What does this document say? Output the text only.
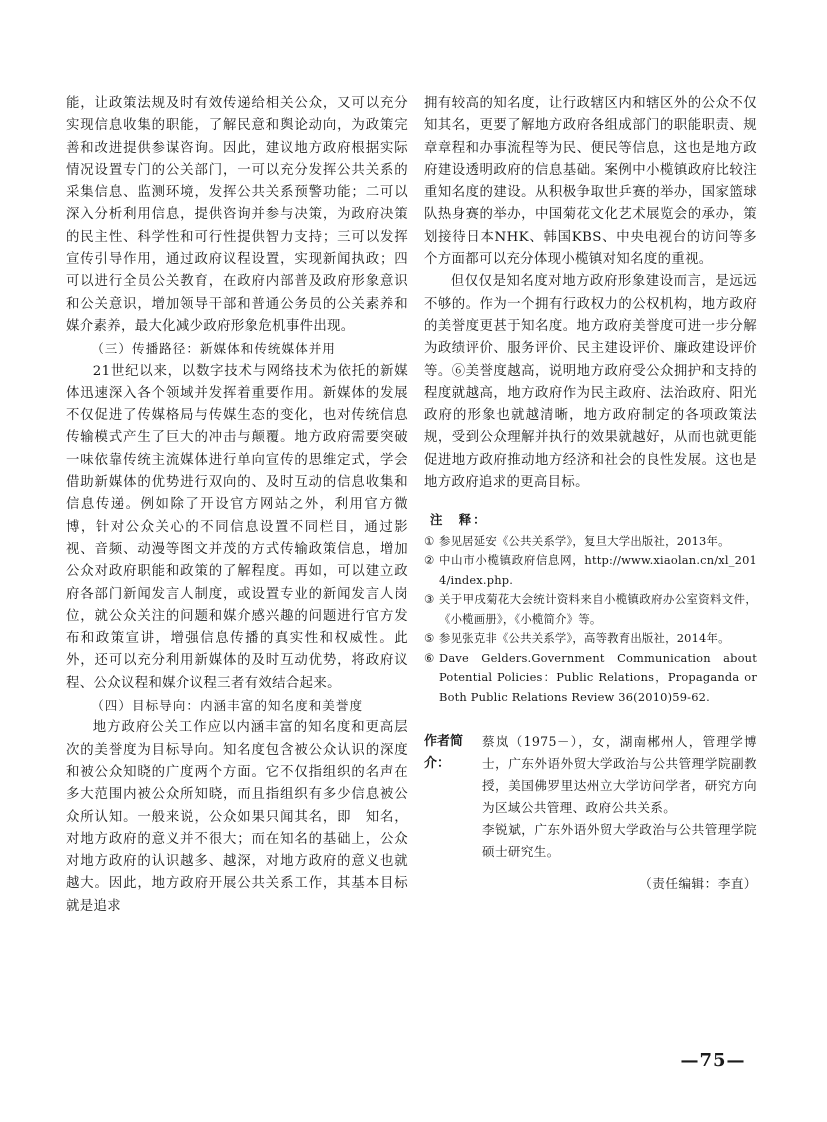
能，让政策法规及时有效传递给相关公众，又可以充分实现信息收集的职能，了解民意和舆论动向，为政策完善和改进提供参谋咨询。因此，建议地方政府根据实际情况设置专门的公关部门，一可以充分发挥公共关系的采集信息、监测环境，发挥公共关系预警功能；二可以深入分析利用信息，提供咨询并参与决策，为政府决策的民主性、科学性和可行性提供智力支持；三可以发挥宣传引导作用，通过政府议程设置，实现新闻执政；四可以进行全员公关教育，在政府内部普及政府形象意识和公关意识，增加领导干部和普通公务员的公关素养和媒介素养，最大化减少政府形象危机事件出现。

（三）传播路径：新媒体和传统媒体并用

21世纪以来，以数字技术与网络技术为依托的新媒体迅速深入各个领域并发挥着重要作用。新媒体的发展不仅促进了传媒格局与传媒生态的变化，也对传统信息传输模式产生了巨大的冲击与颠覆。地方政府需要突破一味依靠传统主流媒体进行单向宣传的思维定式，学会借助新媒体的优势进行双向的、及时互动的信息收集和信息传递。例如除了开设官方网站之外，利用官方微博，针对公众关心的不同信息设置不同栏目，通过影视、音频、动漫等图文并茂的方式传输政策信息，增加公众对政府职能和政策的了解程度。再如，可以建立政府各部门新闻发言人制度，或设置专业的新闻发言人岗位，就公众关注的问题和媒介感兴趣的问题进行官方发布和政策宣讲，增强信息传播的真实性和权威性。此外，还可以充分利用新媒体的及时互动优势，将政府议程、公众议程和媒介议程三者有效结合起来。

（四）目标导向：内涵丰富的知名度和美誉度

地方政府公关工作应以内涵丰富的知名度和更高层次的美誉度为目标导向。知名度包含被公众认识的深度和被公众知晓的广度两个方面。它不仅指组织的名声在多大范围内被公众所知晓，而且指组织有多少信息被公众所认知。一般来说，公众如果只闻其名，即　知名，对地方政府的意义并不很大；而在知名的基础上，公众对地方政府的认识越多、越深，对地方政府的意义也就越大。因此，地方政府开展公共关系工作，其基本目标就是追求

拥有较高的知名度，让行政辖区内和辖区外的公众不仅知其名，更要了解地方政府各组成部门的职能职责、规章章程和办事流程等为民、便民等信息，这也是地方政府建设透明政府的信息基础。案例中小榄镇政府比较注重知名度的建设。从积极争取世乒赛的举办，国家篮球队热身赛的举办，中国菊花文化艺术展览会的承办，策划接待日本NHK、韩国KBS、中央电视台的访问等多个方面都可以充分体现小榄镇对知名度的重视。

但仅仅是知名度对地方政府形象建设而言，是远远不够的。作为一个拥有行政权力的公权机构，地方政府的美誉度更甚于知名度。地方政府美誉度可进一步分解为政绩评价、服务评价、民主建设评价、廉政建设评价等。⑥美誉度越高，说明地方政府受公众拥护和支持的程度就越高，地方政府作为民主政府、法治政府、阳光政府的形象也就越清晰，地方政府制定的各项政策法规，受到公众理解并执行的效果就越好，从而也就更能促进地方政府推动地方经济和社会的良性发展。这也是地方政府追求的更高目标。

注　释：

① 参见居延安《公共关系学》，复旦大学出版社，2013年。
② 中山市小榄镇政府信息网，http://www.xiaolan.cn/xl_2014/index.php.
③ 关于甲戌菊花大会统计资料来自小榄镇政府办公室资料文件，《小榄画册》，《小榄简介》等。
⑤ 参见张克非《公共关系学》，高等教育出版社，2014年。
⑥ Dave Gelders.Government Communication about Potential Policies：Public Relations，Propaganda or Both Public Relations Review 36(2010)59-62.
作者简介：
蔡岚（1975－），女，湖南郴州人，管理学博士，广东外语外贸大学政治与公共管理学院副教授，美国佛罗里达州立大学访问学者，研究方向为区域公共管理、政府公共关系。

李锐斌，广东外语外贸大学政治与公共管理学院硕士研究生。

（责任编辑：李直）
—75—
